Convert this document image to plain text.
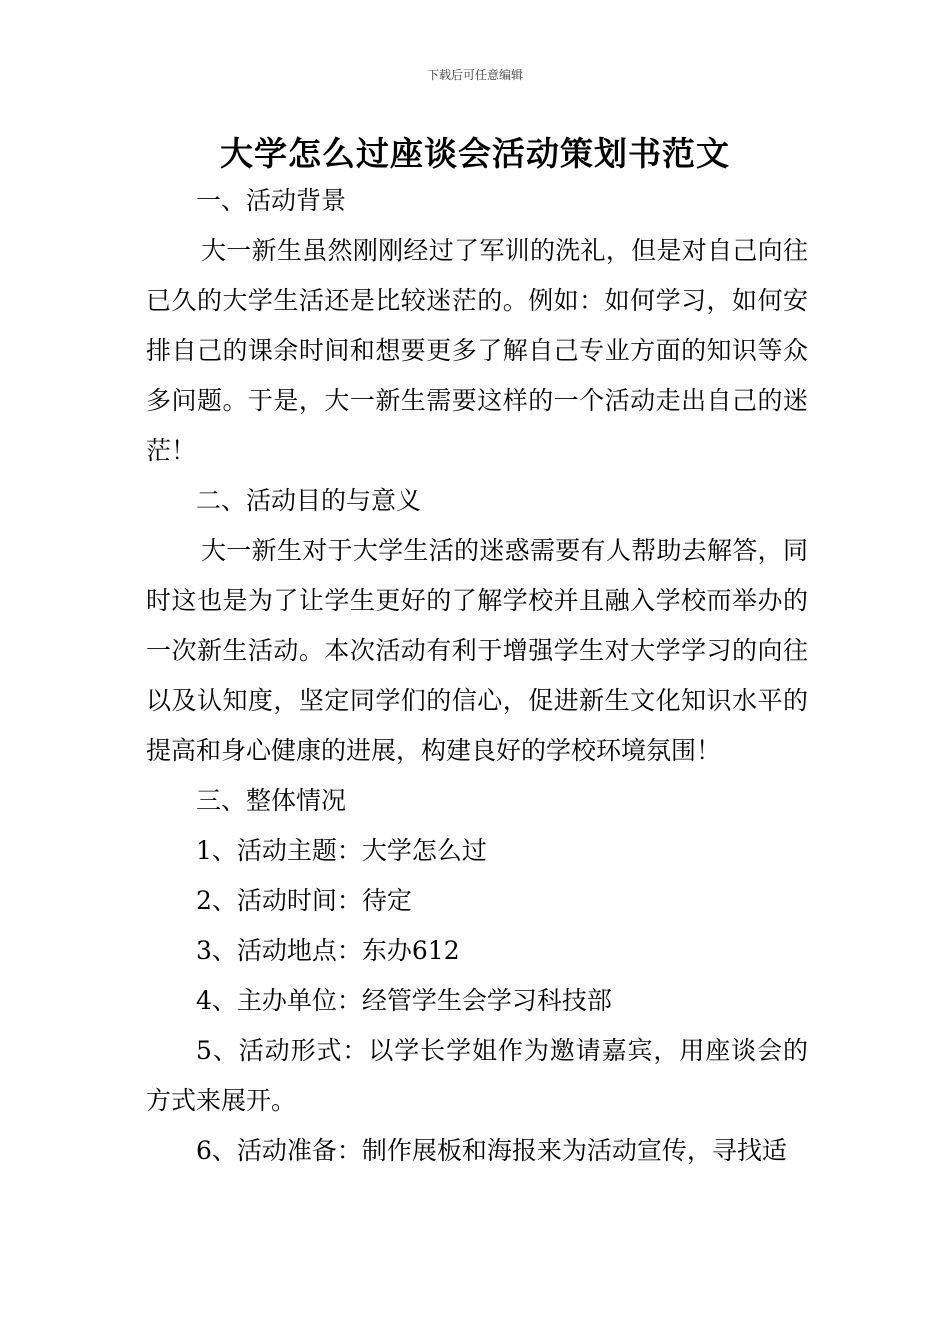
下载后可任意编辑
大学怎么过座谈会活动策划书范文

一、活动背景

大一新生虽然刚刚经过了军训的洗礼，但是对自己向往已久的大学生活还是比较迷茫的。例如：如何学习，如何安排自己的课余时间和想要更多了解自己专业方面的知识等众多问题。于是，大一新生需要这样的一个活动走出自己的迷茫！

二、活动目的与意义

大一新生对于大学生活的迷惑需要有人帮助去解答，同时这也是为了让学生更好的了解学校并且融入学校而举办的一次新生活动。本次活动有利于增强学生对大学学习的向往以及认知度，坚定同学们的信心，促进新生文化知识水平的提高和身心健康的进展，构建良好的学校环境氛围！

三、整体情况

1、活动主题：大学怎么过

2、活动时间：待定

3、活动地点：东办612

4、主办单位：经管学生会学习科技部

5、活动形式：以学长学姐作为邀请嘉宾，用座谈会的方式来展开。

6、活动准备：制作展板和海报来为活动宣传，寻找适
